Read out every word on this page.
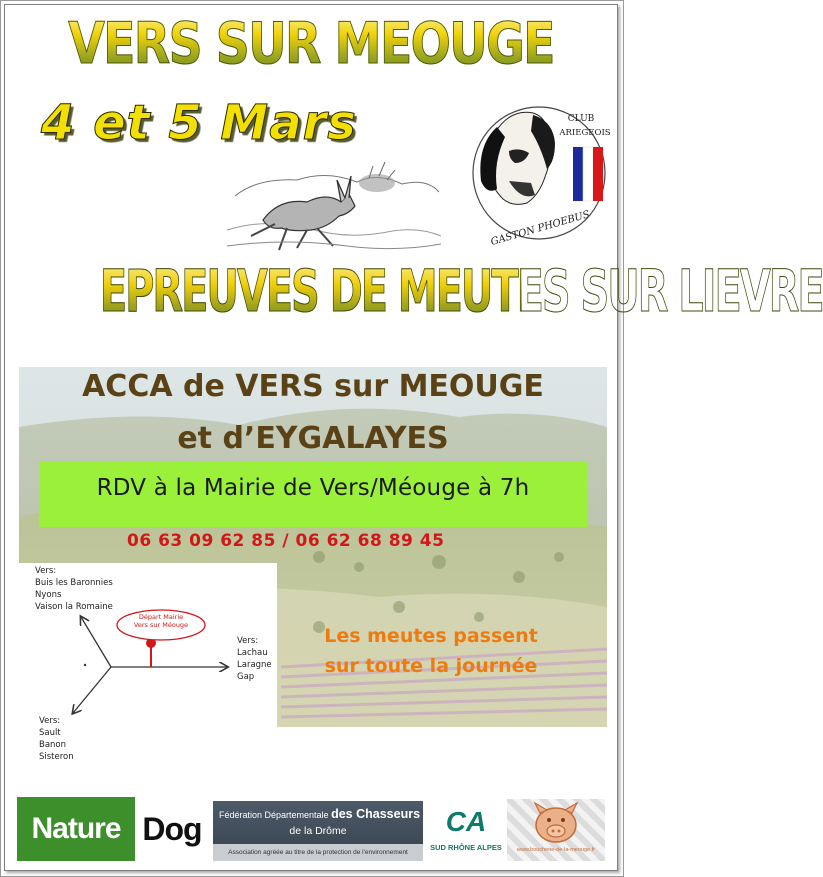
VERS SUR MEOUGE
4 et 5 Mars	CLUB
ARIEGEOIS
GASTON PHOEBUS
EPREUVES DE MEUTES SUR LIEVRE
ACCA de VERS sur MEOUGE
et d’EYGALAYES
RDV à la Mairie de Vers/Méouge à 7h
06 63 09 62 85 / 06 62 68 89 45
Vers:
Buis les Baronnies
Nyons
Vaison la Romaine
Départ Mairie
Vers sur Méouge
Vers:
Lachau
Laragne
Gap
Vers:
Sault
Banon
Sisteron
Les meutes passent
sur toute la journée
Nature Dog	Fédération Départementale des Chasseurs
de la Drôme
Association agréée au titre de la protection de l'environnement
CA
SUD RHÔNE ALPES	www.boucherie-de-la-meouge.fr
